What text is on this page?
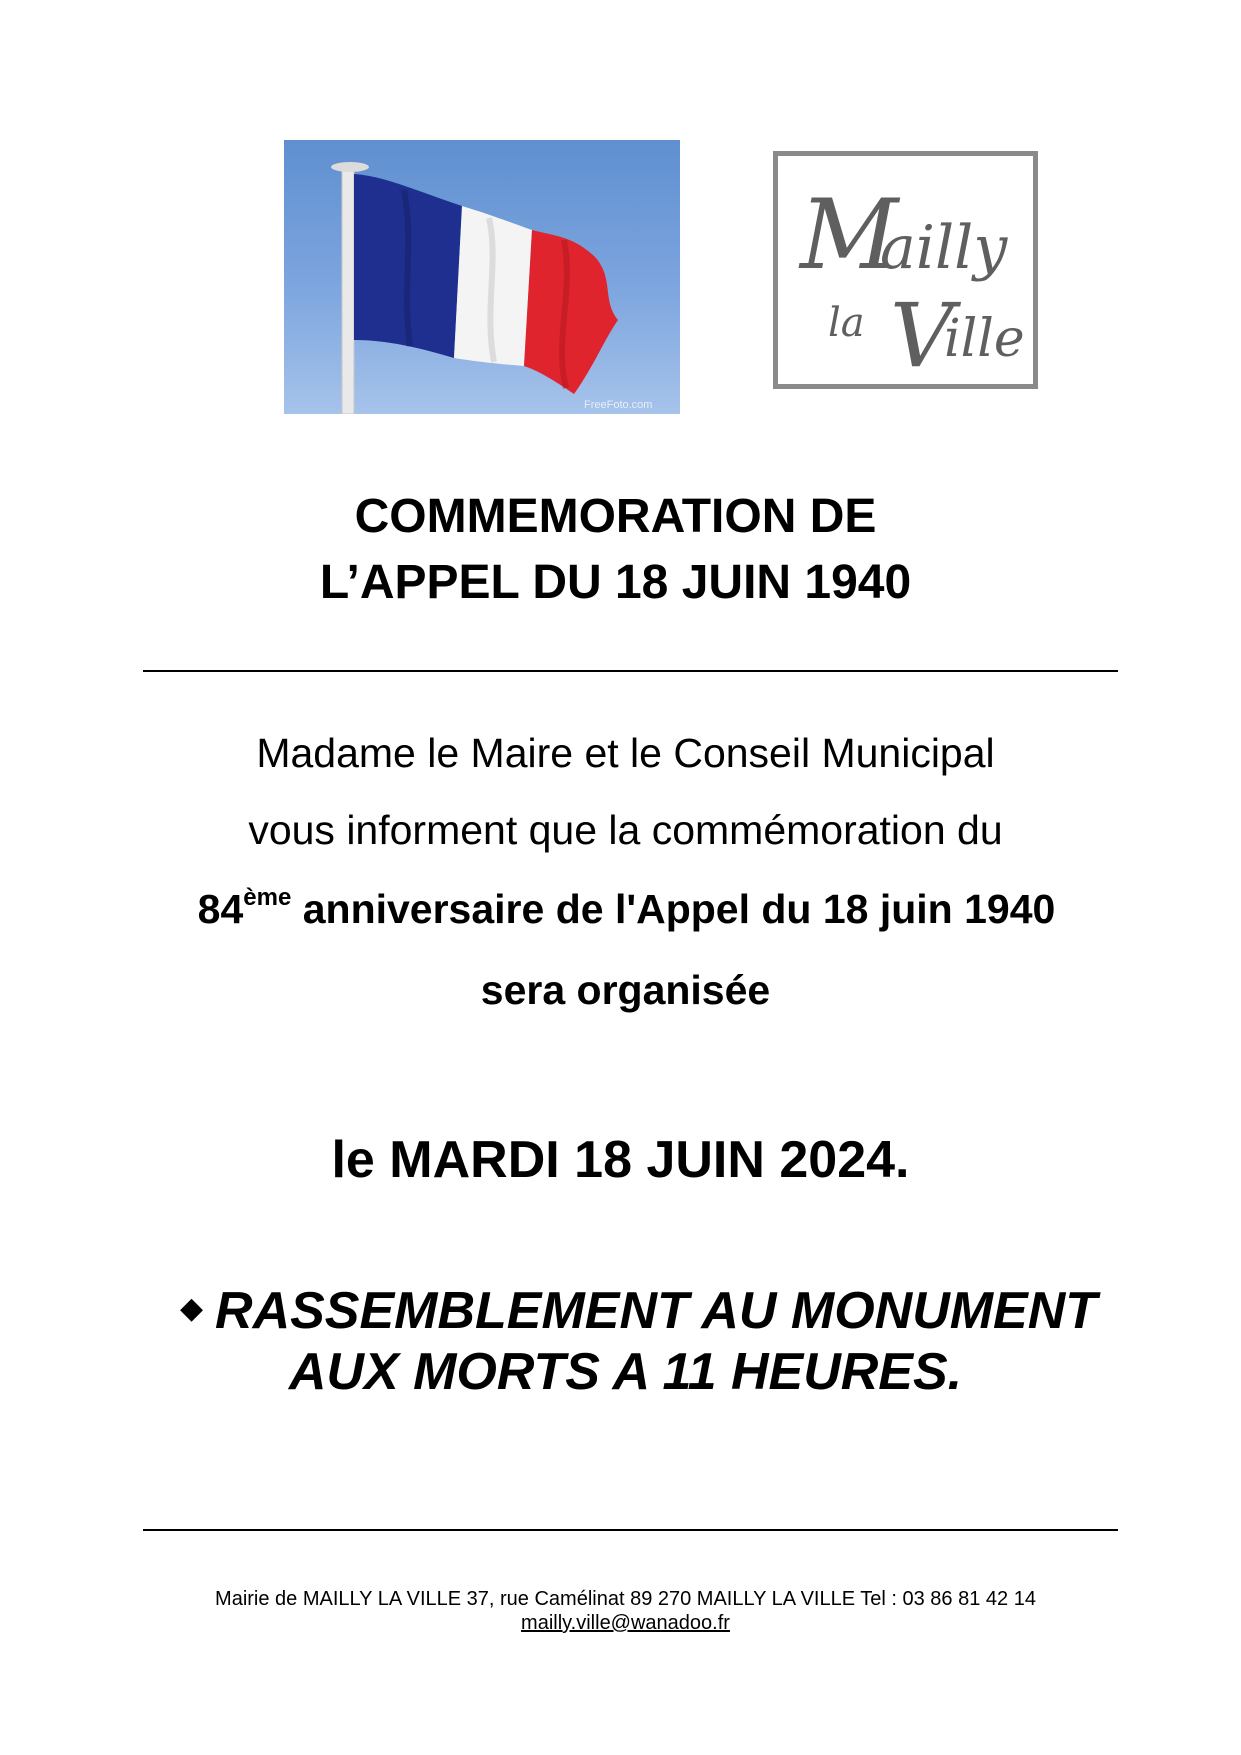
FreeFoto.com
M
ailly
la V
ille
COMMEMORATION DE
L’APPEL DU 18 JUIN 1940
Madame le Maire et le Conseil Municipal
vous informent que la commémoration du
84ème anniversaire de l'Appel du 18 juin 1940
sera organisée
le MARDI 18 JUIN 2024.
◆ RASSEMBLEMENT AU MONUMENT
AUX MORTS A 11 HEURES.
Mairie de MAILLY LA VILLE 37, rue Camélinat 89 270 MAILLY LA VILLE Tel : 03 86 81 42 14
mailly.ville@wanadoo.fr
